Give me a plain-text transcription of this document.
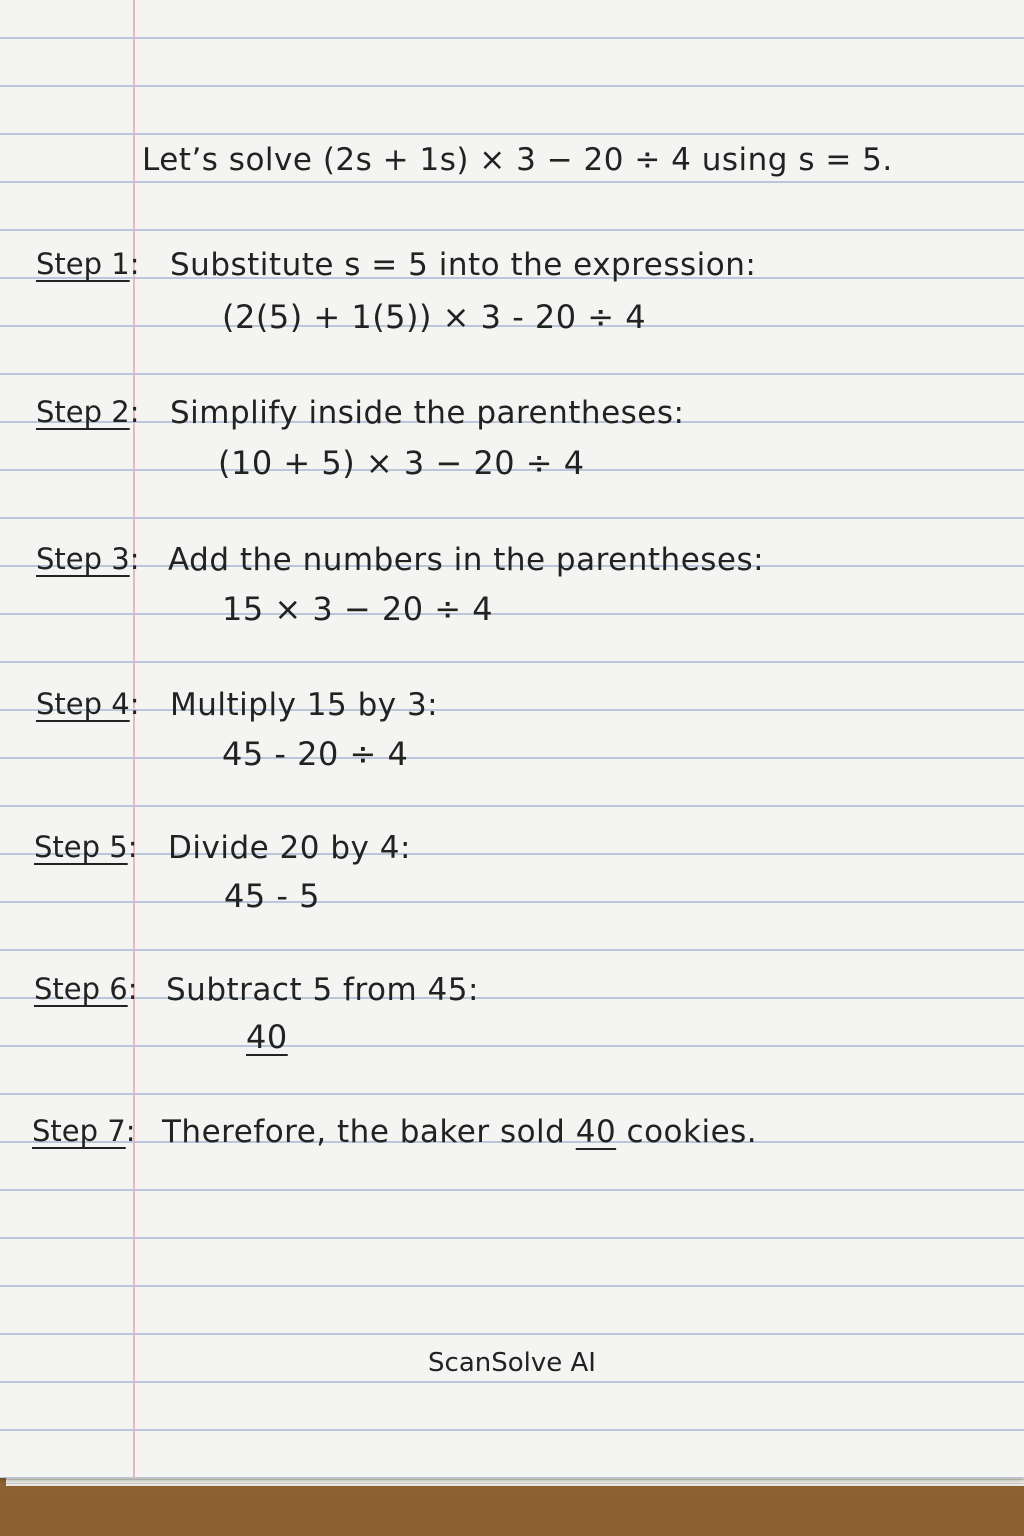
Let’s solve (2s + 1s) × 3 − 20 ÷ 4 using s = 5.
Step 1: Substitute s = 5 into the expression:
(2(5) + 1(5)) × 3 - 20 ÷ 4
Step 2: Simplify inside the parentheses:
(10 + 5) × 3 − 20 ÷ 4
Step 3: Add the numbers in the parentheses:
15 × 3 − 20 ÷ 4
Step 4: Multiply 15 by 3:
45 - 20 ÷ 4
Step 5: Divide 20 by 4:
45 - 5
Step 6: Subtract 5 from 45:
40
Step 7: Therefore, the baker sold 40 cookies.
ScanSolve AI
